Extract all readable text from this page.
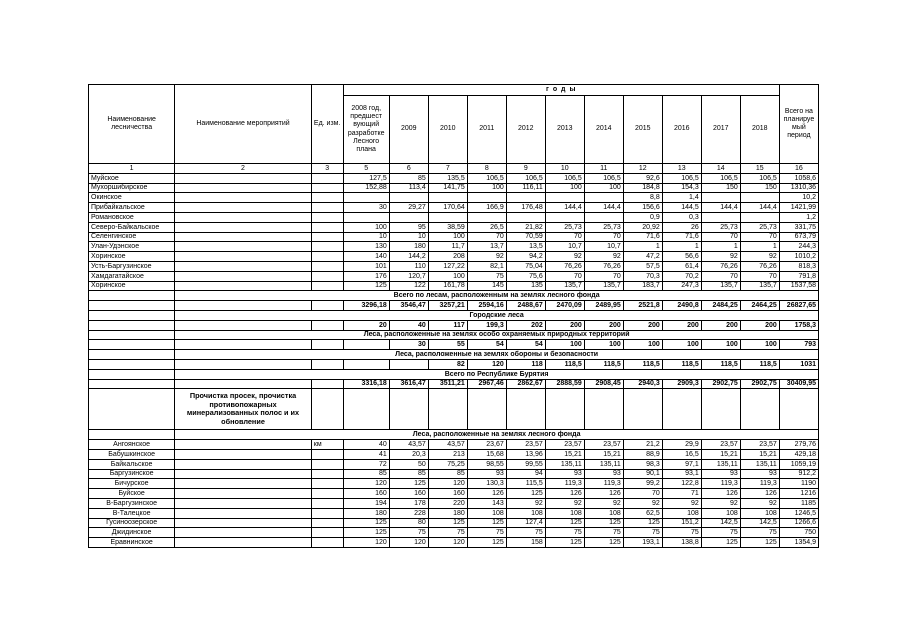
Наименование лесничества	Наименование мероприятий	Ед. изм.	г о д ы											Всего на планируе мый период
			2008 год, предшест вующий разработке Лесного плана	2009	2010	2011	2012	2013	2014	2015	2016	2017	2018	
1	2	3	5	6	7	8	9	10	11	12	13	14	15	16
Муйское			127,5	85	135,5	106,5	106,5	106,5	106,5	92,6	106,5	106,5	106,5	1058,6
Мухоршибирское			152,88	113,4	141,75	100	116,11	100	100	184,8	154,3	150	150	1310,36
Окинское										8,8	1,4			10,2
Прибайкальское			30	29,27	170,64	166,9	176,48	144,4	144,4	156,6	144,5	144,4	144,4	1421,99
Романовское										0,9	0,3			1,2
Северо-Байкальское			100	95	38,59	26,5	21,82	25,73	25,73	20,92	26	25,73	25,73	331,75
Селенгинское			10	10	100	70	70,59	70	70	71,6	71,6	70	70	673,79
Улан-Удэнское			130	180	11,7	13,7	13,5	10,7	10,7	1	1	1	1	244,3
Хоринское			140	144,2	208	92	94,2	92	92	47,2	56,6	92	92	1010,2
Усть-Баргузинское			101	110	127,22	82,1	75,04	76,26	76,26	57,5	61,4	76,26	76,26	818,3
Хамдагатайское			176	120,7	100	75	75,6	70	70	70,3	70,2	70	70	791,8
Хоринское			125	122	161,78	145	135	135,7	135,7	183,7	247,3	135,7	135,7	1537,58
	Всего по лесам, расположенным на землях лесного фонда													
			3296,18	3546,47	3257,21	2594,16	2488,67	2470,09	2489,95	2521,8	2490,8	2484,25	2464,25	26827,65
	Городские леса													
			20	40	117	199,3	202	200	200	200	200	200	200	1758,3
	Леса, расположенные на землях особо охраняемых природных территорий													
				30	55	54	54	100	100	100	100	100	100	793
	Леса, расположенные на землях обороны и безопасности													
					82	120	118	118,5	118,5	118,5	118,5	118,5	118,5	1031
	Всего по Республике Бурятия													
			3316,18	3616,47	3511,21	2967,46	2862,67	2888,59	2908,45	2940,3	2909,3	2902,75	2902,75	30409,95
	Прочистка просек, прочистка противопожарных минерализованных полос и их обновление													
	Леса, расположенные на землях лесного фонда													
Ангоянское		км	40	43,57	43,57	23,67	23,57	23,57	23,57	21,2	29,9	23,57	23,57	279,76
Бабушкинское			41	20,3	213	15,68	13,96	15,21	15,21	88,9	16,5	15,21	15,21	429,18
Байкальское			72	50	75,25	98,55	99,55	135,11	135,11	98,3	97,1	135,11	135,11	1059,19
Баргузинское			85	85	85	93	94	93	93	90,1	93,1	93	93	912,2
Бичурское			120	125	120	130,3	115,5	119,3	119,3	99,2	122,8	119,3	119,3	1190
Буйское			160	160	160	126	125	126	126	70	71	126	126	1216
В-Баргузинское			194	178	220	143	92	92	92	92	92	92	92	1185
В-Талецкое			180	228	180	108	108	108	108	62,5	108	108	108	1246,5
Гусиноозерское			125	80	125	125	127,4	125	125	125	151,2	142,5	142,5	1266,6
Джидинское			125	75	75	75	75	75	75	75	75	75	75	750
Еравнинское			120	120	120	125	158	125	125	193,1	138,8	125	125	1354,9
